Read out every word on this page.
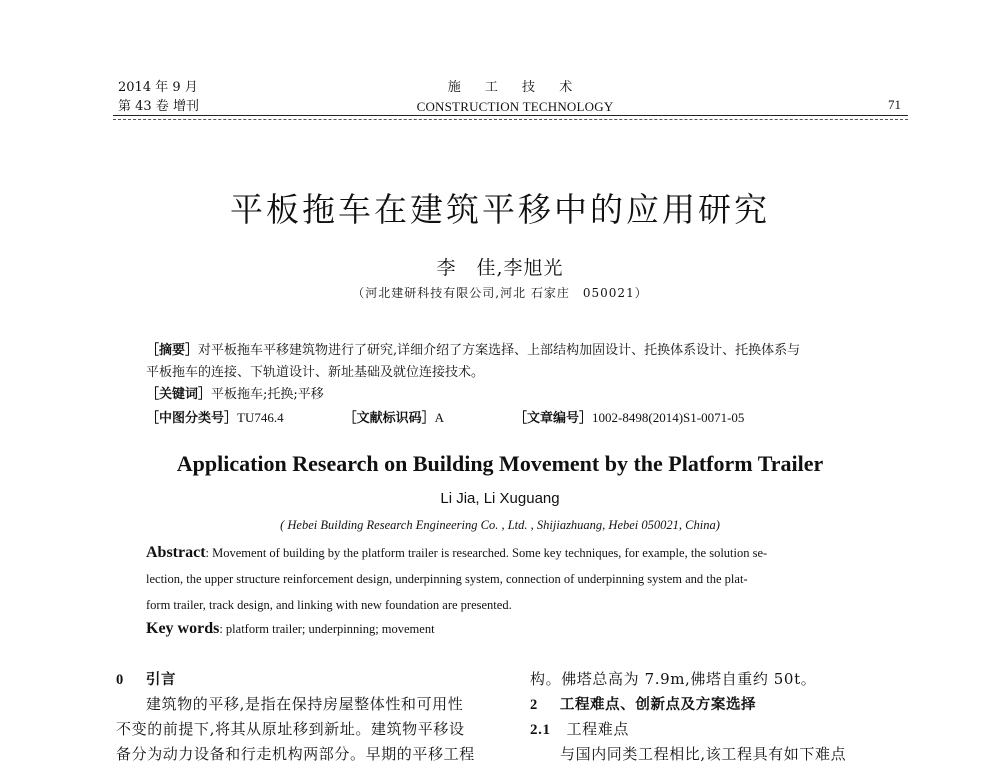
2014 年 9 月
第 43 卷 增刊
施 工 技 术
CONSTRUCTION TECHNOLOGY	71
平板拖车在建筑平移中的应用研究
李　佳,李旭光
（河北建研科技有限公司,河北 石家庄　050021）
［摘要］对平板拖车平移建筑物进行了研究,详细介绍了方案选择、上部结构加固设计、托换体系设计、托换体系与
平板拖车的连接、下轨道设计、新址基础及就位连接技术。
［关键词］平板拖车;托换;平移
［中图分类号］TU746.4	［文献标识码］A	［文章编号］1002-8498(2014)S1-0071-05
Application Research on Building Movement by the Platform Trailer
Li Jia, Li Xuguang
( Hebei Building Research Engineering Co. , Ltd. , Shijiazhuang, Hebei 050021, China)
Abstract: Movement of building by the platform trailer is researched. Some key techniques, for example, the solution se-
lection, the upper structure reinforcement design, underpinning system, connection of underpinning system and the plat-
form trailer, track design, and linking with new foundation are presented.
Key words: platform trailer; underpinning; movement
0 引言
建筑物的平移,是指在保持房屋整体性和可用性
不变的前提下,将其从原址移到新址。建筑物平移设
备分为动力设备和行走机构两部分。早期的平移工程
构。佛塔总高为 7.9m,佛塔自重约 50t。
2 工程难点、创新点及方案选择
2.1 工程难点
与国内同类工程相比,该工程具有如下难点
